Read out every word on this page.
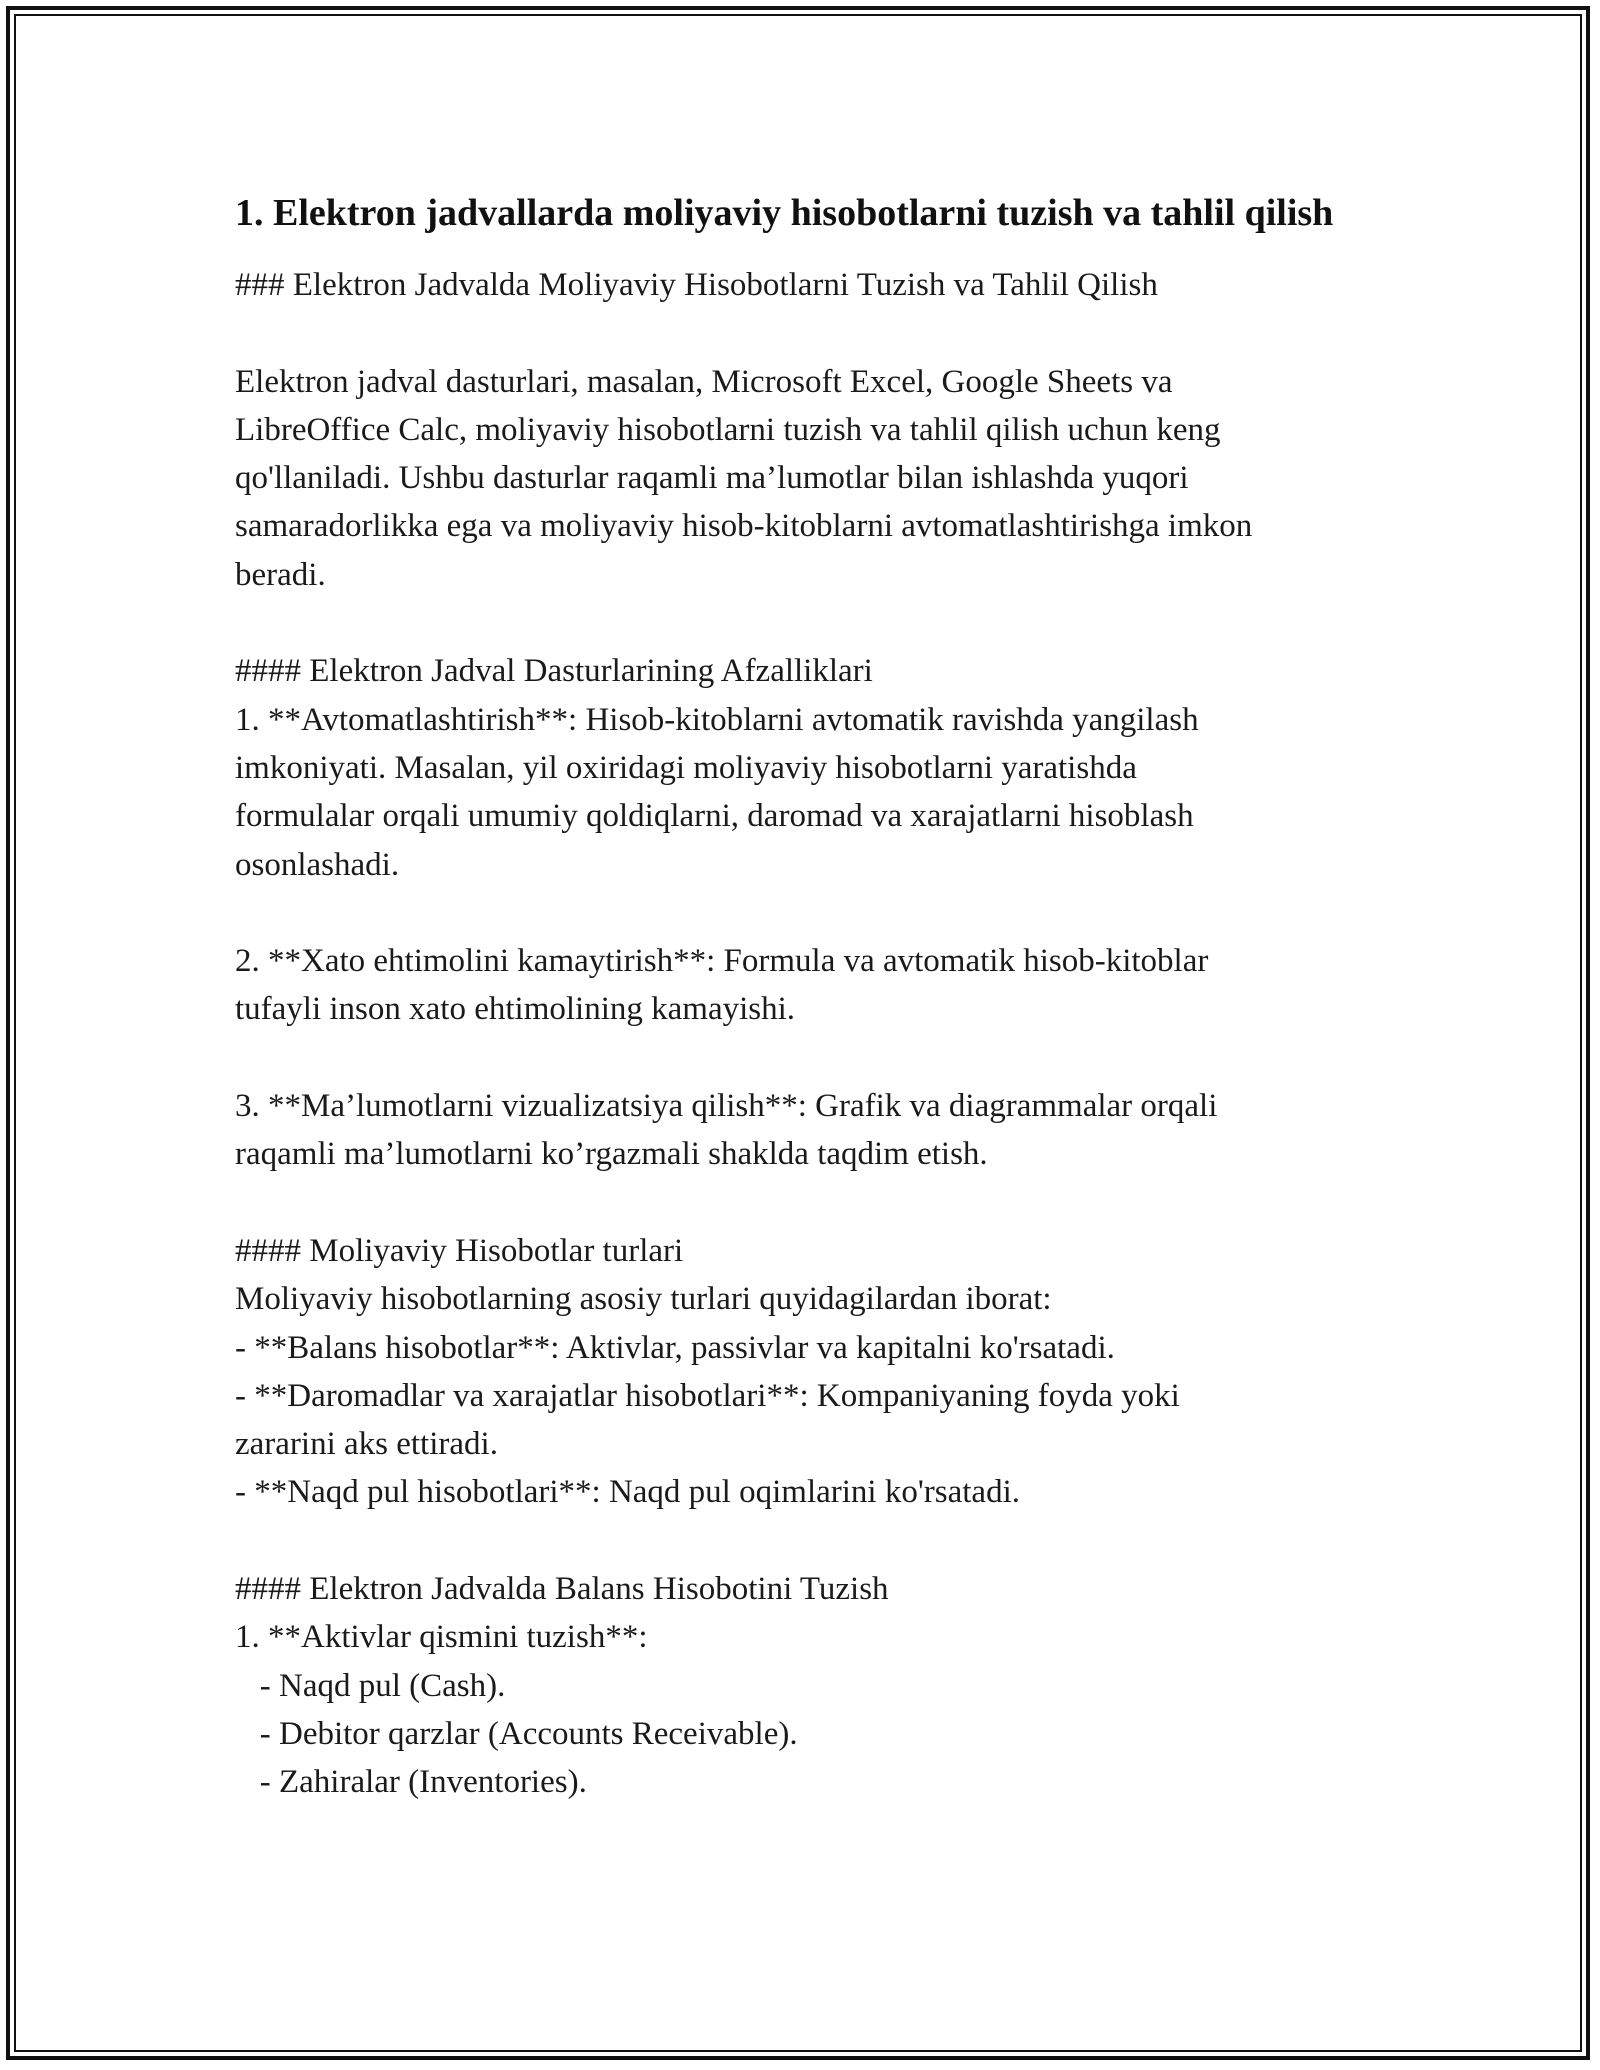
1. Elektron jadvallarda moliyaviy hisobotlarni tuzish va tahlil qilish

### Elektron Jadvalda Moliyaviy Hisobotlarni Tuzish va Tahlil Qilish

Elektron jadval dasturlari, masalan, Microsoft Excel, Google Sheets va

LibreOffice Calc, moliyaviy hisobotlarni tuzish va tahlil qilish uchun keng

qo'llaniladi. Ushbu dasturlar raqamli ma’lumotlar bilan ishlashda yuqori

samaradorlikka ega va moliyaviy hisob-kitoblarni avtomatlashtirishga imkon

beradi.

#### Elektron Jadval Dasturlarining Afzalliklari

1. **Avtomatlashtirish**: Hisob-kitoblarni avtomatik ravishda yangilash

imkoniyati. Masalan, yil oxiridagi moliyaviy hisobotlarni yaratishda

formulalar orqali umumiy qoldiqlarni, daromad va xarajatlarni hisoblash

osonlashadi.

2. **Xato ehtimolini kamaytirish**: Formula va avtomatik hisob-kitoblar

tufayli inson xato ehtimolining kamayishi.

3. **Ma’lumotlarni vizualizatsiya qilish**: Grafik va diagrammalar orqali

raqamli ma’lumotlarni ko’rgazmali shaklda taqdim etish.

#### Moliyaviy Hisobotlar turlari

Moliyaviy hisobotlarning asosiy turlari quyidagilardan iborat:

- **Balans hisobotlar**: Aktivlar, passivlar va kapitalni ko'rsatadi.

- **Daromadlar va xarajatlar hisobotlari**: Kompaniyaning foyda yoki

zararini aks ettiradi.

- **Naqd pul hisobotlari**: Naqd pul oqimlarini ko'rsatadi.

#### Elektron Jadvalda Balans Hisobotini Tuzish

1. **Aktivlar qismini tuzish**:

- Naqd pul (Cash).

- Debitor qarzlar (Accounts Receivable).

- Zahiralar (Inventories).
